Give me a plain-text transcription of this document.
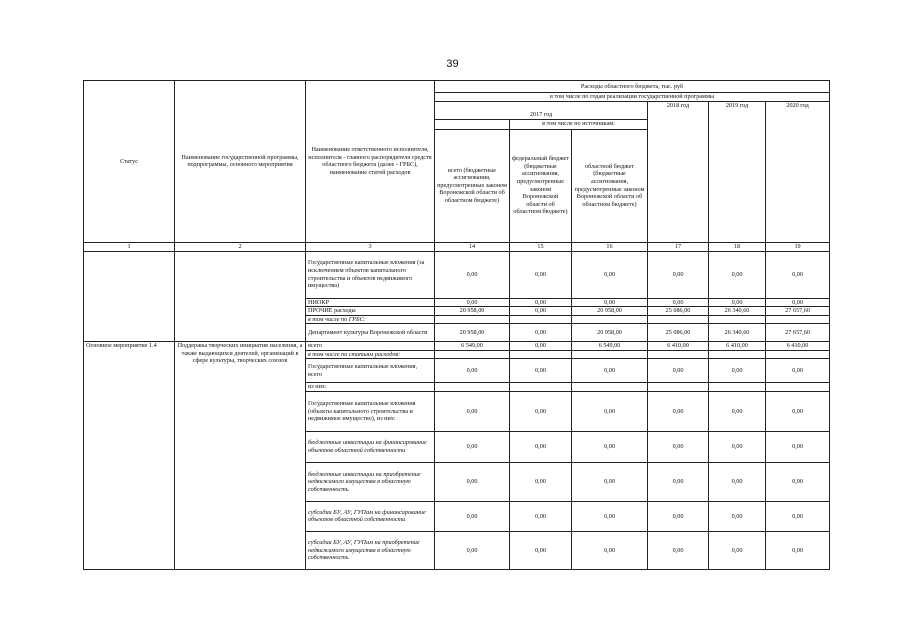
39
Статус	Наименование государственной программы, подпрограммы, основного мероприятия	Наименование ответственного исполнителя, исполнителя - главного распорядителя средств областного бюджета (далее - ГРБС), наименование статей расходов	Расходы областного бюджета, тыс. руб					
			в том числе по годам реализации государственной программы					
			2017 год			2018 год	2019 год	2020 год
				в том числе по источникам:				
			всего (бюджетные ассигнования, предусмотренные законом Воронежской области об областном бюджете)	федеральный бюджет (бюджетные ассигнования, предусмотренные законом Воронежской области об областном бюджете)	областной бюджет (бюджетные ассигнования, предусмотренные законом Воронежской области об областном бюджете)			
1	2	3	14	15	16	17	18	19
		Государственные капитальные вложения (за исключением объектов капитального строительства и объектов недвижимого имущества)	0,00	0,00	0,00	0,00	0,00	0,00
		НИОКР	0,00	0,00	0,00	0,00	0,00	0,00
		ПРОЧИЕ расходы	20 958,00	0,00	20 958,00	25 086,00	26 340,60	27 657,60
		в том числе по ГРБС:						
		Департамент культуры Воронежской области	20 958,00	0,00	20 958,00	25 086,00	26 340,60	27 657,60
Основное мероприятие 1.4	Поддержка творческих инициатив населения, а также выдающихся деятелей, организаций в сфере культуры, творческих союзов	всего	6 549,00	0,00	6 549,00	6 410,00	6 410,00	6 410,00
		в том числе по статьям расходов:						
		Государственные капитальные вложения, всего	0,00	0,00	0,00	0,00	0,00	0,00
		из них:						
		Государственные капитальные вложения (объекты капитального строительства и недвижимое имущество), из них:	0,00	0,00	0,00	0,00	0,00	0,00
		бюджетные инвестиции на финансирование объектов областной собственности	0,00	0,00	0,00	0,00	0,00	0,00
		бюджетные инвестиции на приобретение недвижимого имущества в областную собственность	0,00	0,00	0,00	0,00	0,00	0,00
		субсидии БУ, АУ, ГУПам на финансирование объектов областной собственности	0,00	0,00	0,00	0,00	0,00	0,00
		субсидии БУ, АУ, ГУПам на приобретение недвижимого имущества в областную собственность	0,00	0,00	0,00	0,00	0,00	0,00
